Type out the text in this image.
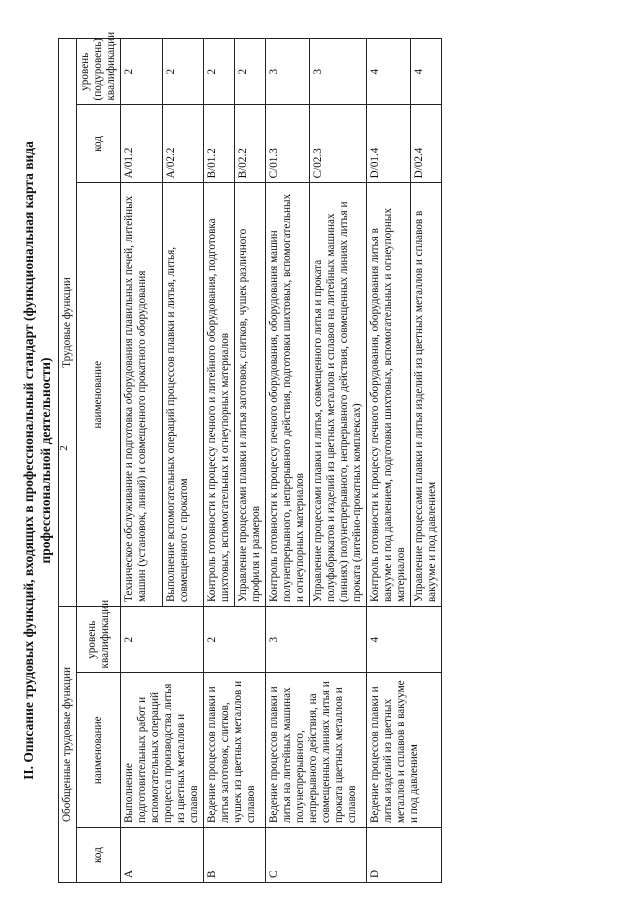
2
II. Описание трудовых функций, входящих в профессиональный стандарт (функциональная карта вида профессиональной деятельности)
Обобщенные трудовые функции			Трудовые функции		
код	наименование	уровень квалификации	наименование	код	уровень (подуровень) квалификации
A	Выполнение подготовительных работ и вспомогательных операций процесса производства литья из цветных металлов и сплавов	2	Техническое обслуживание и подготовка оборудования плавильных печей, литейных машин (установок, линий) и совмещенного прокатного оборудования	A/01.2	2
			Выполнение вспомогательных операций процессов плавки и литья, литья, совмещенного с прокатом	A/02.2	2
B	Ведение процессов плавки и литья заготовок, слитков, чушек из цветных металлов и сплавов	2	Контроль готовности к процессу печного и литейного оборудования, подготовка шихтовых, вспомогательных и огнеупорных материалов	B/01.2	2
			Управление процессами плавки и литья заготовок, слитков, чушек различного профиля и размеров	B/02.2	2
C	Ведение процессов плавки и литья на литейных машинах полунепрерывного, непрерывного действия, на совмещенных линиях литья и проката цветных металлов и сплавов	3	Контроль готовности к процессу печного оборудования, оборудования машин полунепрерывного, непрерывного действия, подготовки шихтовых, вспомогательных и огнеупорных материалов	C/01.3	3
			Управление процессами плавки и литья, совмещенного литья и проката полуфабрикатов и изделий из цветных металлов и сплавов на литейных машинах (линиях) полунепрерывного, непрерывного действия, совмещенных линиях литья и проката (литейно-прокатных комплексах)	C/02.3	3
D	Ведение процессов плавки и литья изделий из цветных металлов и сплавов в вакууме и под давлением	4	Контроль готовности к процессу печного оборудования, оборудования литья в вакууме и под давлением, подготовки шихтовых, вспомогательных и огнеупорных материалов	D/01.4	4
			Управление процессами плавки и литья изделий из цветных металлов и сплавов в вакууме и под давлением	D/02.4	4
